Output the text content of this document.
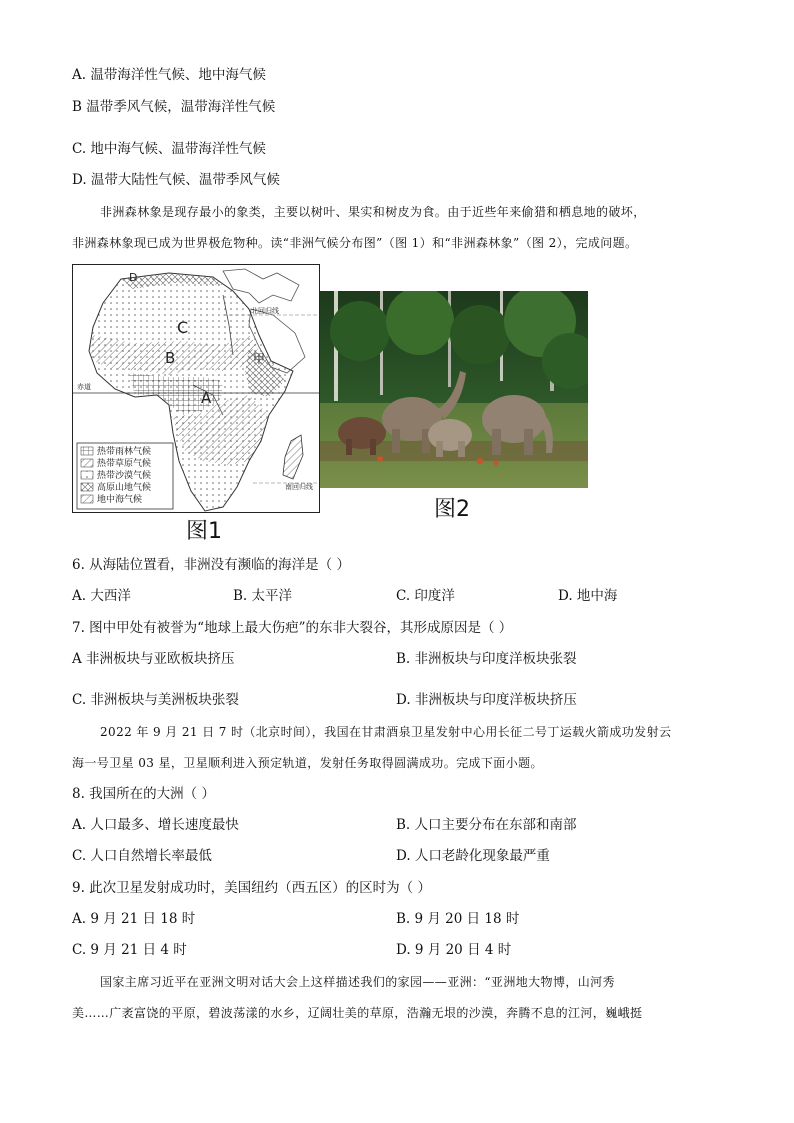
A. 温带海洋性气候、地中海气候
B 温带季风气候，温带海洋性气候
C. 地中海气候、温带海洋性气候
D. 温带大陆性气候、温带季风气候
非洲森林象是现存最小的象类，主要以树叶、果实和树皮为食。由于近些年来偷猎和栖息地的破坏，
非洲森林象现已成为世界极危物种。读“非洲气候分布图”（图 1）和“非洲森林象”（图 2），完成问题。
C
B
A
甲
D
赤道
北回归线
南回归线
热带雨林气候
热带草原气候
热带沙漠气候
高原山地气候
地中海气候
图1
图2
6. 从海陆位置看，非洲没有濒临的海洋是（ ）
A. 大西洋	B. 太平洋	C. 印度洋	D. 地中海
7. 图中甲处有被誉为“地球上最大伤疤”的东非大裂谷，其形成原因是（ ）
A 非洲板块与亚欧板块挤压	B. 非洲板块与印度洋板块张裂
C. 非洲板块与美洲板块张裂	D. 非洲板块与印度洋板块挤压
2022 年 9 月 21 日 7 时（北京时间），我国在甘肃酒泉卫星发射中心用长征二号丁运载火箭成功发射云
海一号卫星 03 星，卫星顺利进入预定轨道，发射任务取得圆满成功。完成下面小题。
8. 我国所在的大洲（ ）
A. 人口最多、增长速度最快	B. 人口主要分布在东部和南部
C. 人口自然增长率最低	D. 人口老龄化现象最严重
9. 此次卫星发射成功时，美国纽约（西五区）的区时为（ ）
A. 9 月 21 日 18 时	B. 9 月 20 日 18 时
C. 9 月 21 日 4 时	D. 9 月 20 日 4 时
国家主席习近平在亚洲文明对话大会上这样描述我们的家园——亚洲：“亚洲地大物博，山河秀
美……广袤富饶的平原，碧波荡漾的水乡，辽阔壮美的草原，浩瀚无垠的沙漠，奔腾不息的江河，巍峨挺
